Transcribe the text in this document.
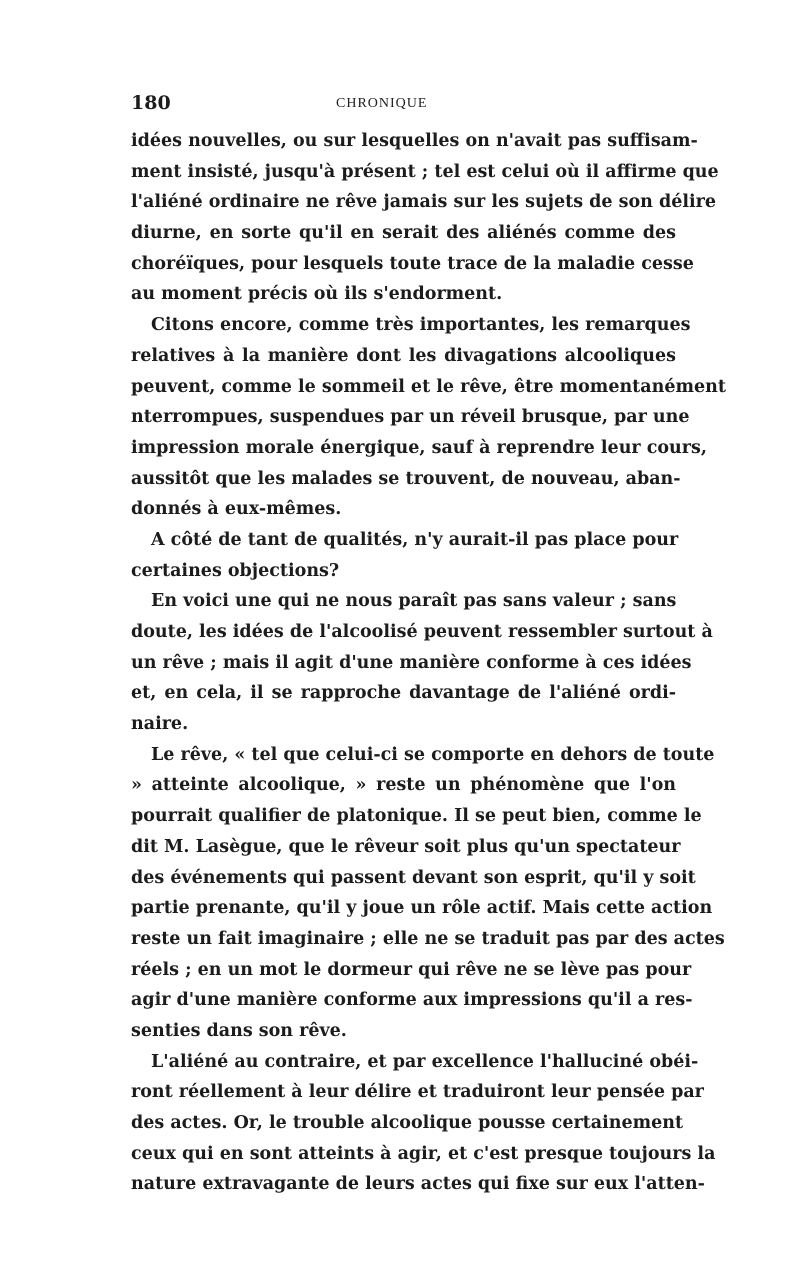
180	CHRONIQUE
idées nouvelles, ou sur lesquelles on n'avait pas suffisam-
ment insisté, jusqu'à présent ; tel est celui où il affirme que
l'aliéné ordinaire ne rêve jamais sur les sujets de son délire
diurne, en sorte qu'il en serait des aliénés comme des
choréïques, pour lesquels toute trace de la maladie cesse
au moment précis où ils s'endorment.
Citons encore, comme très importantes, les remarques
relatives à la manière dont les divagations alcooliques
peuvent, comme le sommeil et le rêve, être momentanément
nterrompues, suspendues par un réveil brusque, par une
impression morale énergique, sauf à reprendre leur cours,
aussitôt que les malades se trouvent, de nouveau, aban-
donnés à eux-mêmes.
A côté de tant de qualités, n'y aurait-il pas place pour
certaines objections?
En voici une qui ne nous paraît pas sans valeur ; sans
doute, les idées de l'alcoolisé peuvent ressembler surtout à
un rêve ; mais il agit d'une manière conforme à ces idées
et, en cela, il se rapproche davantage de l'aliéné ordi-
naire.
Le rêve, « tel que celui-ci se comporte en dehors de toute
» atteinte alcoolique, » reste un phénomène que l'on
pourrait qualifier de platonique. Il se peut bien, comme le
dit M. Lasègue, que le rêveur soit plus qu'un spectateur
des événements qui passent devant son esprit, qu'il y soit
partie prenante, qu'il y joue un rôle actif. Mais cette action
reste un fait imaginaire ; elle ne se traduit pas par des actes
réels ; en un mot le dormeur qui rêve ne se lève pas pour
agir d'une manière conforme aux impressions qu'il a res-
senties dans son rêve.
L'aliéné au contraire, et par excellence l'halluciné obéi-
ront réellement à leur délire et traduiront leur pensée par
des actes. Or, le trouble alcoolique pousse certainement
ceux qui en sont atteints à agir, et c'est presque toujours la
nature extravagante de leurs actes qui fixe sur eux l'atten-
